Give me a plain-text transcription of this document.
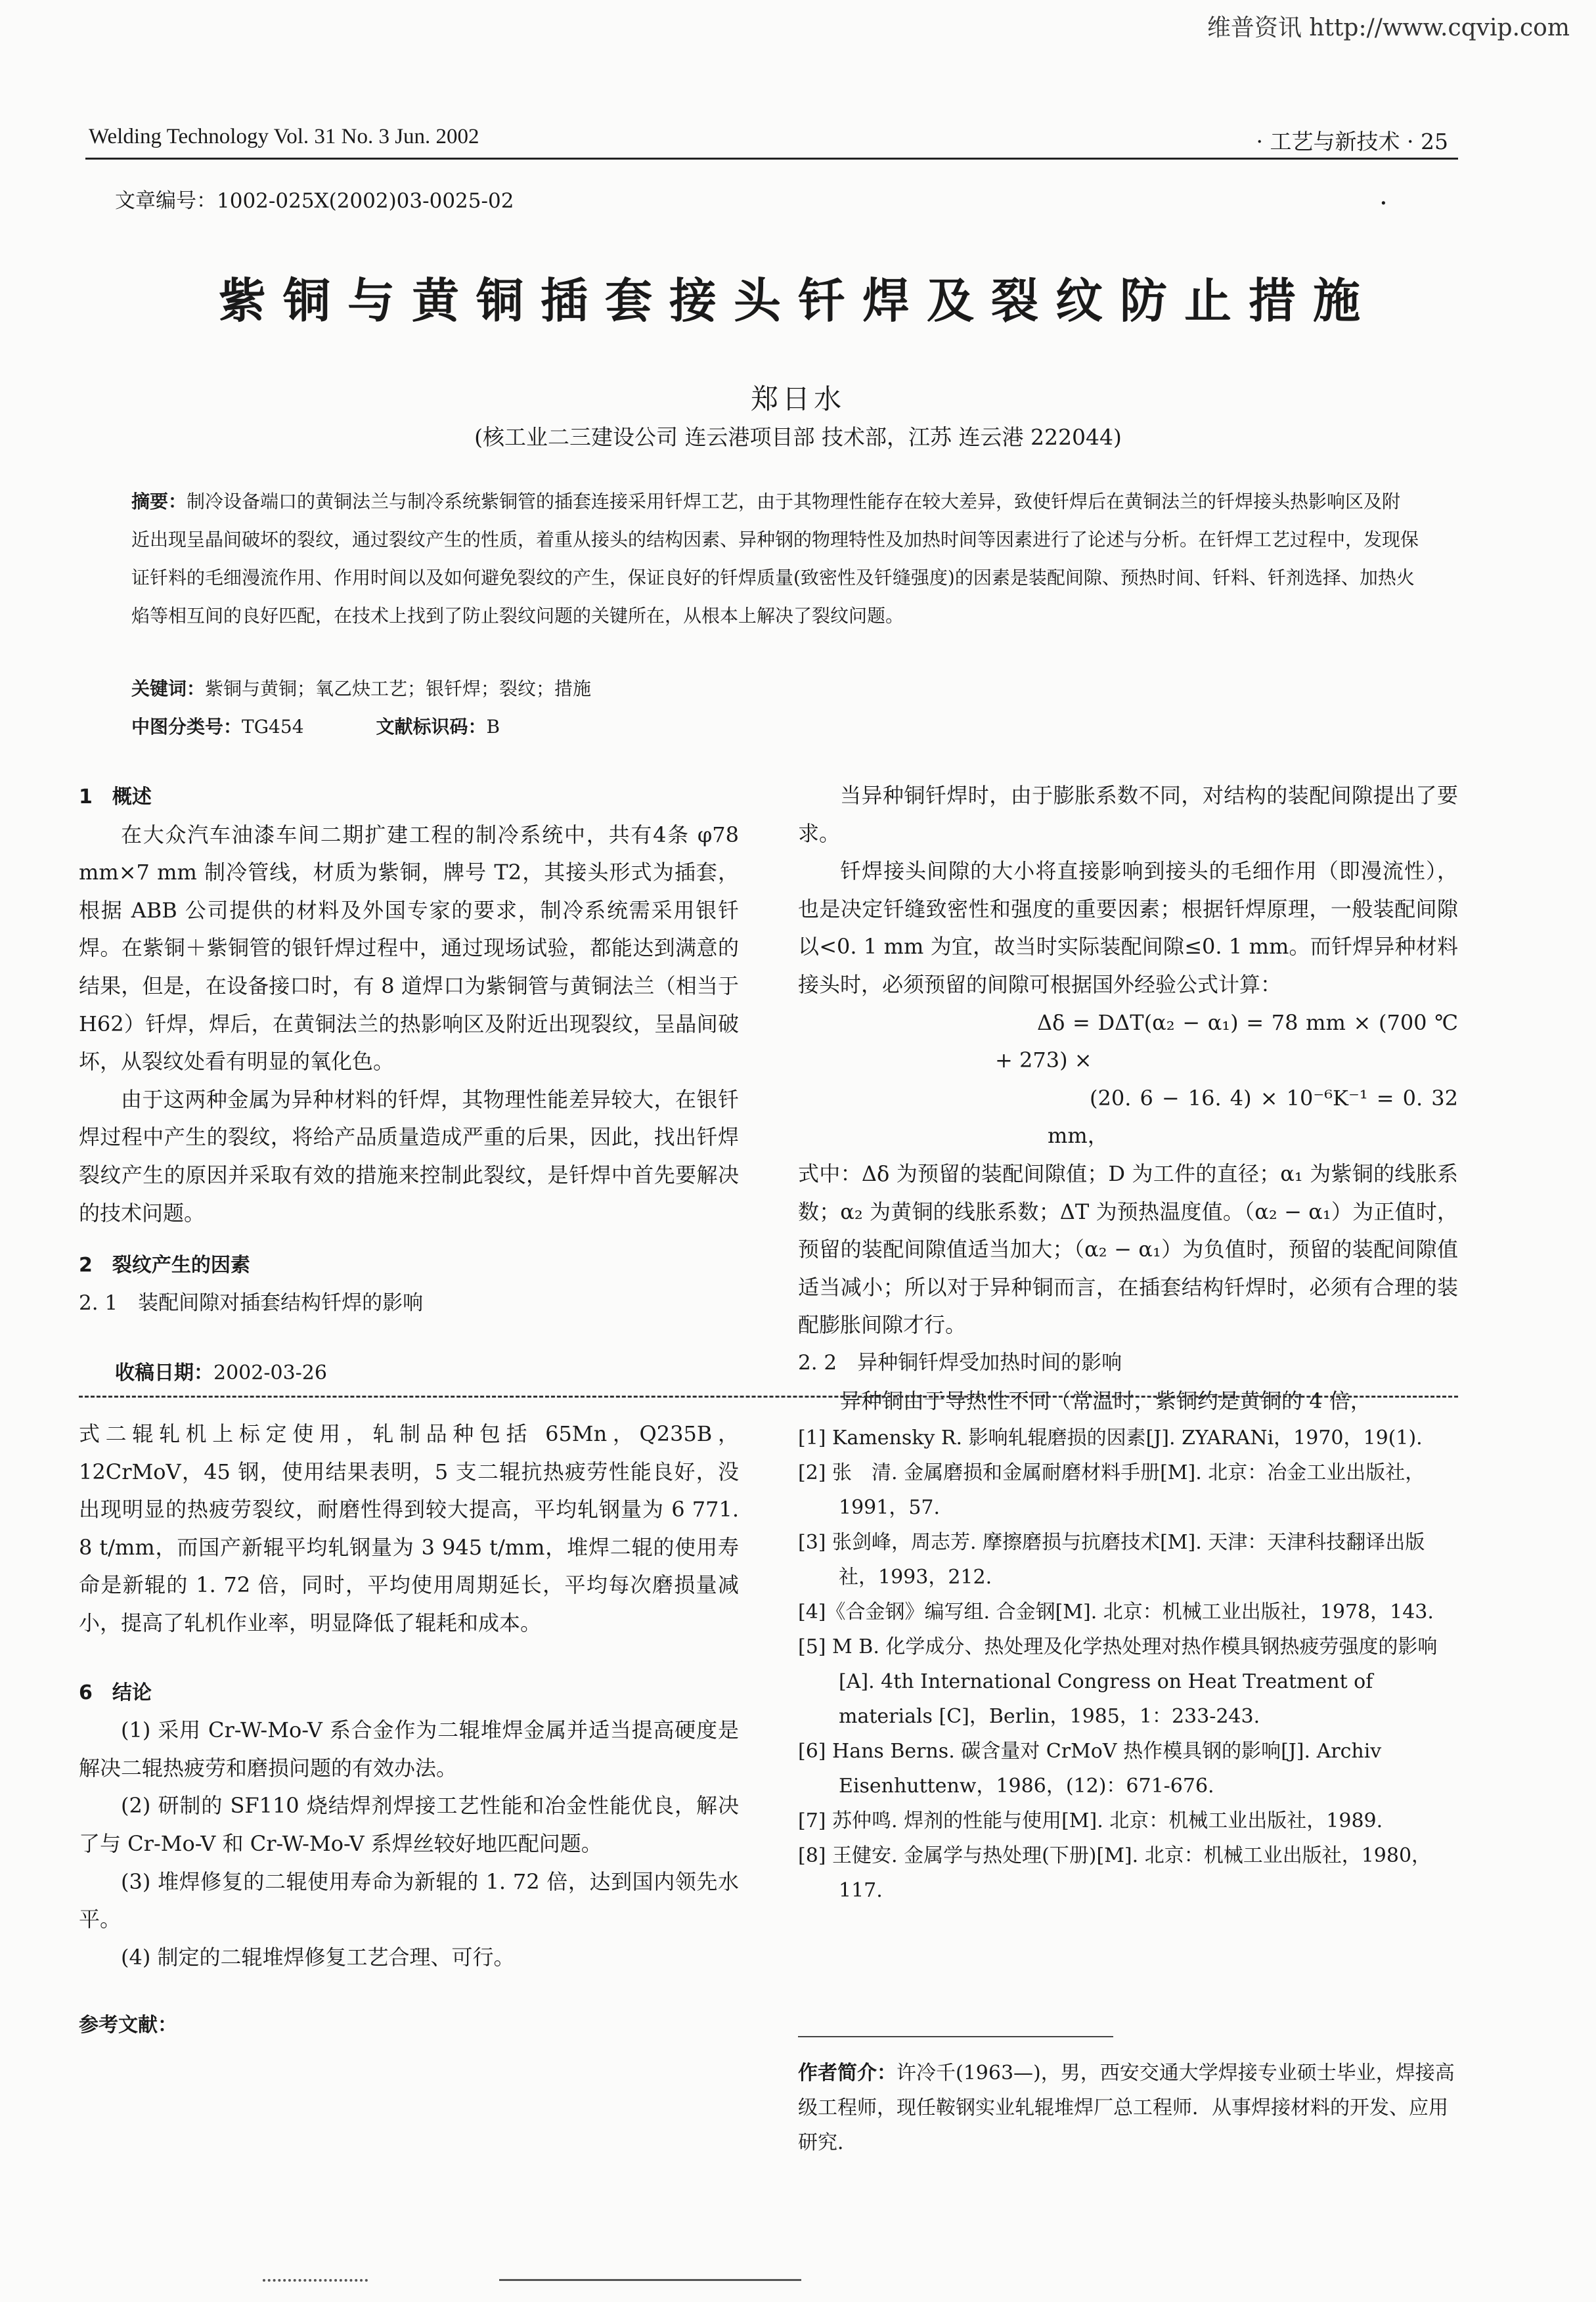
维普资讯 http://www.cqvip.com
Welding Technology Vol. 31 No. 3 Jun. 2002	· 工艺与新技术 · 25
文章编号：1002-025X(2002)03-0025-02	.
紫铜与黄铜插套接头钎焊及裂纹防止措施
郑日水
(核工业二三建设公司 连云港项目部 技术部，江苏 连云港 222044)
摘要：制冷设备端口的黄铜法兰与制冷系统紫铜管的插套连接采用钎焊工艺，由于其物理性能存在较大差异，致使钎焊后在黄铜法兰的钎焊接头热影响区及附近出现呈晶间破坏的裂纹，通过裂纹产生的性质，着重从接头的结构因素、异种钢的物理特性及加热时间等因素进行了论述与分析。在钎焊工艺过程中，发现保证钎料的毛细漫流作用、作用时间以及如何避免裂纹的产生，保证良好的钎焊质量(致密性及钎缝强度)的因素是装配间隙、预热时间、钎料、钎剂选择、加热火焰等相互间的良好匹配，在技术上找到了防止裂纹问题的关键所在，从根本上解决了裂纹问题。
关键词：紫铜与黄铜；氧乙炔工艺；银钎焊；裂纹；措施
中图分类号：TG454	文献标识码：B
1　概述

在大众汽车油漆车间二期扩建工程的制冷系统中，共有4条 φ78 mm×7 mm 制冷管线，材质为紫铜，牌号 T2，其接头形式为插套，根据 ABB 公司提供的材料及外国专家的要求，制冷系统需采用银钎焊。在紫铜＋紫铜管的银钎焊过程中，通过现场试验，都能达到满意的结果，但是，在设备接口时，有 8 道焊口为紫铜管与黄铜法兰（相当于 H62）钎焊，焊后，在黄铜法兰的热影响区及附近出现裂纹，呈晶间破坏，从裂纹处看有明显的氧化色。

由于这两种金属为异种材料的钎焊，其物理性能差异较大，在银钎焊过程中产生的裂纹，将给产品质量造成严重的后果，因此，找出钎焊裂纹产生的原因并采取有效的措施来控制此裂纹，是钎焊中首先要解决的技术问题。

2　裂纹产生的因素
2. 1　装配间隙对插套结构钎焊的影响

当异种铜钎焊时，由于膨胀系数不同，对结构的装配间隙提出了要求。

钎焊接头间隙的大小将直接影响到接头的毛细作用（即漫流性），也是决定钎缝致密性和强度的重要因素；根据钎焊原理，一般装配间隙以<0. 1 mm 为宜，故当时实际装配间隙≤0. 1 mm。而钎焊异种材料接头时，必须预留的间隙可根据国外经验公式计算：

Δδ = DΔT(α₂ − α₁) = 78 mm × (700 ℃ + 273) ×

(20. 6 − 16. 4) × 10⁻⁶K⁻¹ = 0. 32 mm，

式中：Δδ 为预留的装配间隙值；D 为工件的直径；α₁ 为紫铜的线胀系数；α₂ 为黄铜的线胀系数；ΔT 为预热温度值。（α₂ − α₁）为正值时，预留的装配间隙值适当加大；（α₂ − α₁）为负值时，预留的装配间隙值适当减小；所以对于异种铜而言，在插套结构钎焊时，必须有合理的装配膨胀间隙才行。

2. 2　异种铜钎焊受加热时间的影响

异种铜由于导热性不同（常温时，紫铜约是黄铜的 4 倍，

收稿日期：2002-03-26

式二辊轧机上标定使用，轧制品种包括 65Mn，Q235B，12CrMoV，45 钢，使用结果表明，5 支二辊抗热疲劳性能良好，没出现明显的热疲劳裂纹，耐磨性得到较大提高，平均轧钢量为 6 771. 8 t/mm，而国产新辊平均轧钢量为 3 945 t/mm，堆焊二辊的使用寿命是新辊的 1. 72 倍，同时，平均使用周期延长，平均每次磨损量减小，提高了轧机作业率，明显降低了辊耗和成本。

6　结论

(1) 采用 Cr-W-Mo-V 系合金作为二辊堆焊金属并适当提高硬度是解决二辊热疲劳和磨损问题的有效办法。

(2) 研制的 SF110 烧结焊剂焊接工艺性能和冶金性能优良，解决了与 Cr-Mo-V 和 Cr-W-Mo-V 系焊丝较好地匹配问题。

(3) 堆焊修复的二辊使用寿命为新辊的 1. 72 倍，达到国内领先水平。

(4) 制定的二辊堆焊修复工艺合理、可行。

参考文献：
[1] Kamensky R. 影响轧辊磨损的因素[J]. ZYARANi，1970，19(1).
[2] 张　清. 金属磨损和金属耐磨材料手册[M]. 北京：冶金工业出版社，1991，57.
[3] 张剑峰，周志芳. 摩擦磨损与抗磨技术[M]. 天津：天津科技翻译出版社，1993，212.
[4]《合金钢》编写组. 合金钢[M]. 北京：机械工业出版社，1978，143.
[5] M B. 化学成分、热处理及化学热处理对热作模具钢热疲劳强度的影响[A]. 4th International Congress on Heat Treatment of materials [C]，Berlin，1985，1：233-243.
[6] Hans Berns. 碳含量对 CrMoV 热作模具钢的影响[J]. Archiv Eisenhuttenw，1986，(12)：671-676.
[7] 苏仲鸣. 焊剂的性能与使用[M]. 北京：机械工业出版社，1989.
[8] 王健安. 金属学与热处理(下册)[M]. 北京：机械工业出版社，1980，117.
作者简介：许冷千(1963—)，男，西安交通大学焊接专业硕士毕业，焊接高级工程师，现任鞍钢实业轧辊堆焊厂总工程师．从事焊接材料的开发、应用研究．
